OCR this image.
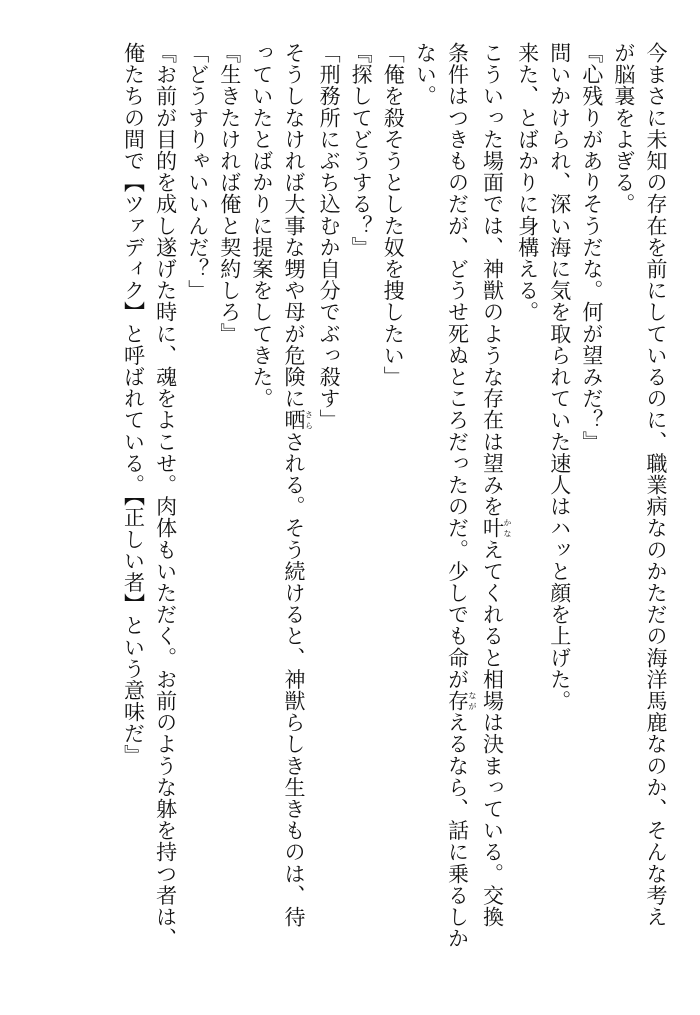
今まさに未知の存在を前にしているのに、職業病なのかただの海洋馬鹿なのか、そんな考え
が脳裏をよぎる。
『心残りがありそうだな。何が望みだ？』
問いかけられ、深い海に気を取られていた速人はハッと顔を上げた。
来た、とばかりに身構える。
こういった場面では、神獣のような存在は望みを叶かなえてくれると相場は決まっている。交換
条件はつきものだが、どうせ死ぬところだったのだ。少しでも命が存ながえるなら、話に乗るしか
ない。
「俺を殺そうとした奴を捜したい」
『探してどうする？』
「刑務所にぶち込むか自分でぶっ殺す」
そうしなければ大事な甥や母が危険に晒さらされる。そう続けると、神獣らしき生きものは、待
っていたとばかりに提案をしてきた。
『生きたければ俺と契約しろ』
「どうすりゃいいんだ？」
『お前が目的を成し遂げた時に、魂をよこせ。肉体もいただく。お前のような躰を持つ者は、
俺たちの間で【ツァディク】と呼ばれている。【正しい者】という意味だ』
